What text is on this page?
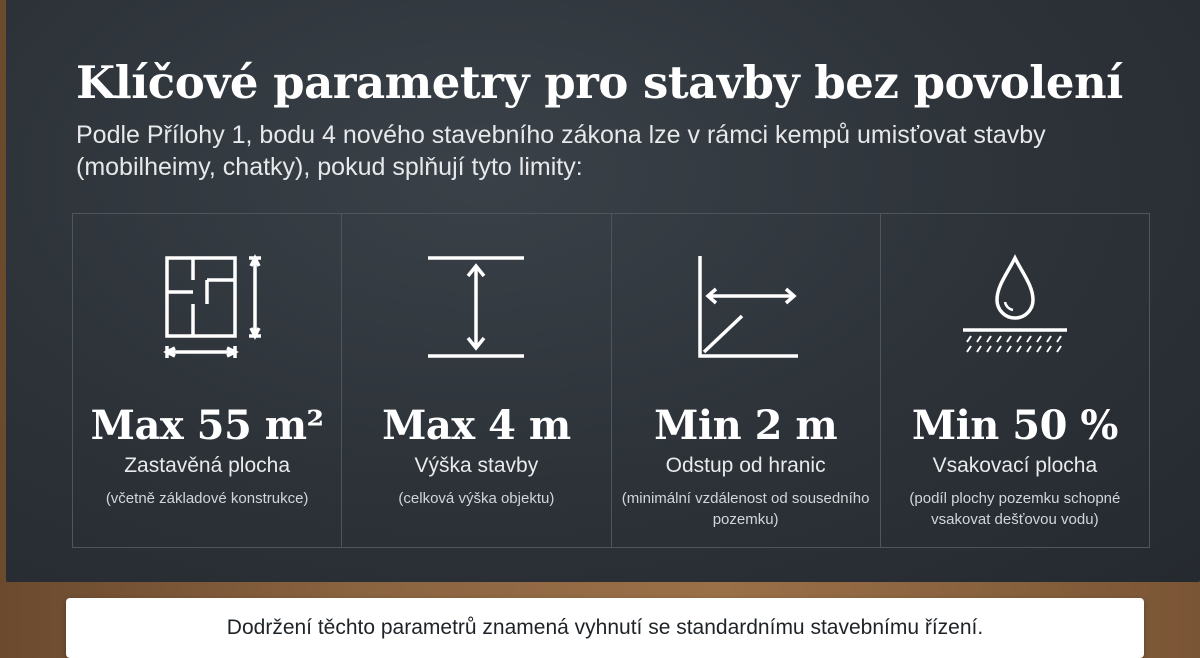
Klíčové parametry pro stavby bez povolení

Podle Přílohy 1, bodu 4 nového stavebního zákona lze v rámci kempů umisťovat stavby (mobilheimy, chatky), pokud splňují tyto limity:

Max 55 m²
Zastavěná plocha
(včetně základové konstrukce)
Max 4 m
Výška stavby
(celková výška objektu)
Min 2 m
Odstup od hranic
(minimální vzdálenost od sousedního pozemku)
Min 50 %
Vsakovací plocha
(podíl plochy pozemku schopné vsakovat dešťovou vodu)
Dodržení těchto parametrů znamená vyhnutí se standardnímu stavebnímu řízení.
